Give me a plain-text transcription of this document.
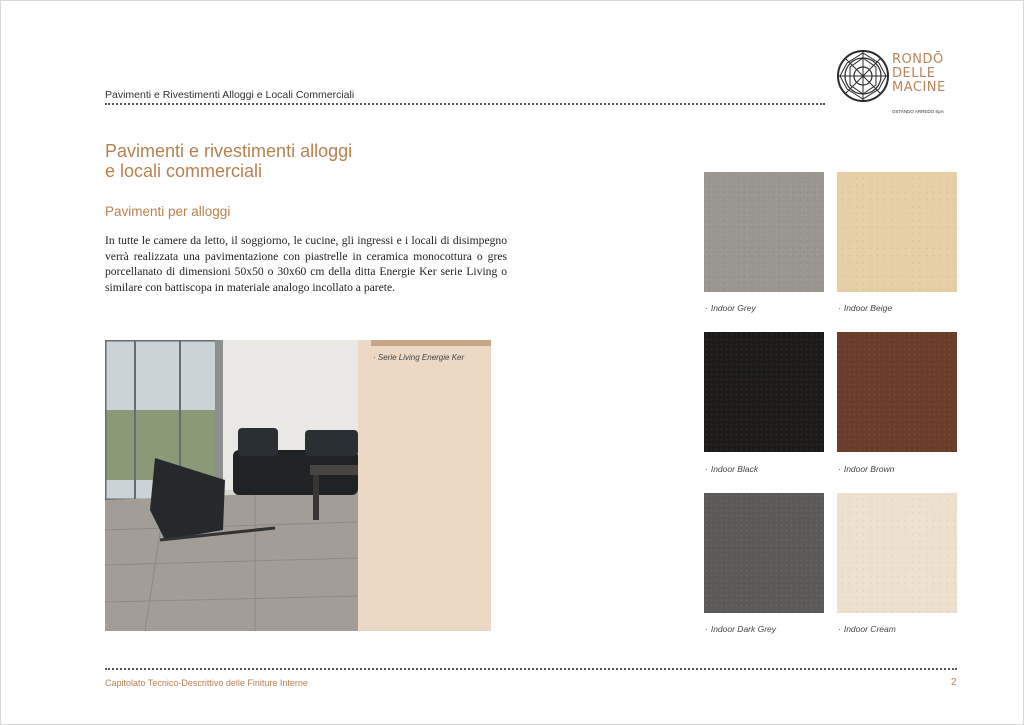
Pavimenti e Rivestimenti Alloggi e Locali Commerciali
RONDŌ
DELLE
MACINE
OSTANDO ARREDO SpA
Pavimenti e rivestimenti alloggi
e locali commerciali
Pavimenti per alloggi
In tutte le camere da letto, il soggiorno, le cucine, gli ingressi e i locali di disimpegno verrà realizzata una pavimentazione con piastrelle in ceramica monocottura o gres porcellanato di dimensioni 50x50 o 30x60 cm della ditta Energie Ker serie Living o similare con battiscopa in materiale analogo incollato a parete.
· Serie Living Energie Ker
· Indoor Grey	· Indoor Beige
· Indoor Black	· Indoor Brown
· Indoor Dark Grey	· Indoor Cream
Capitolato Tecnico-Descrittivo delle Finiture Interne	2
